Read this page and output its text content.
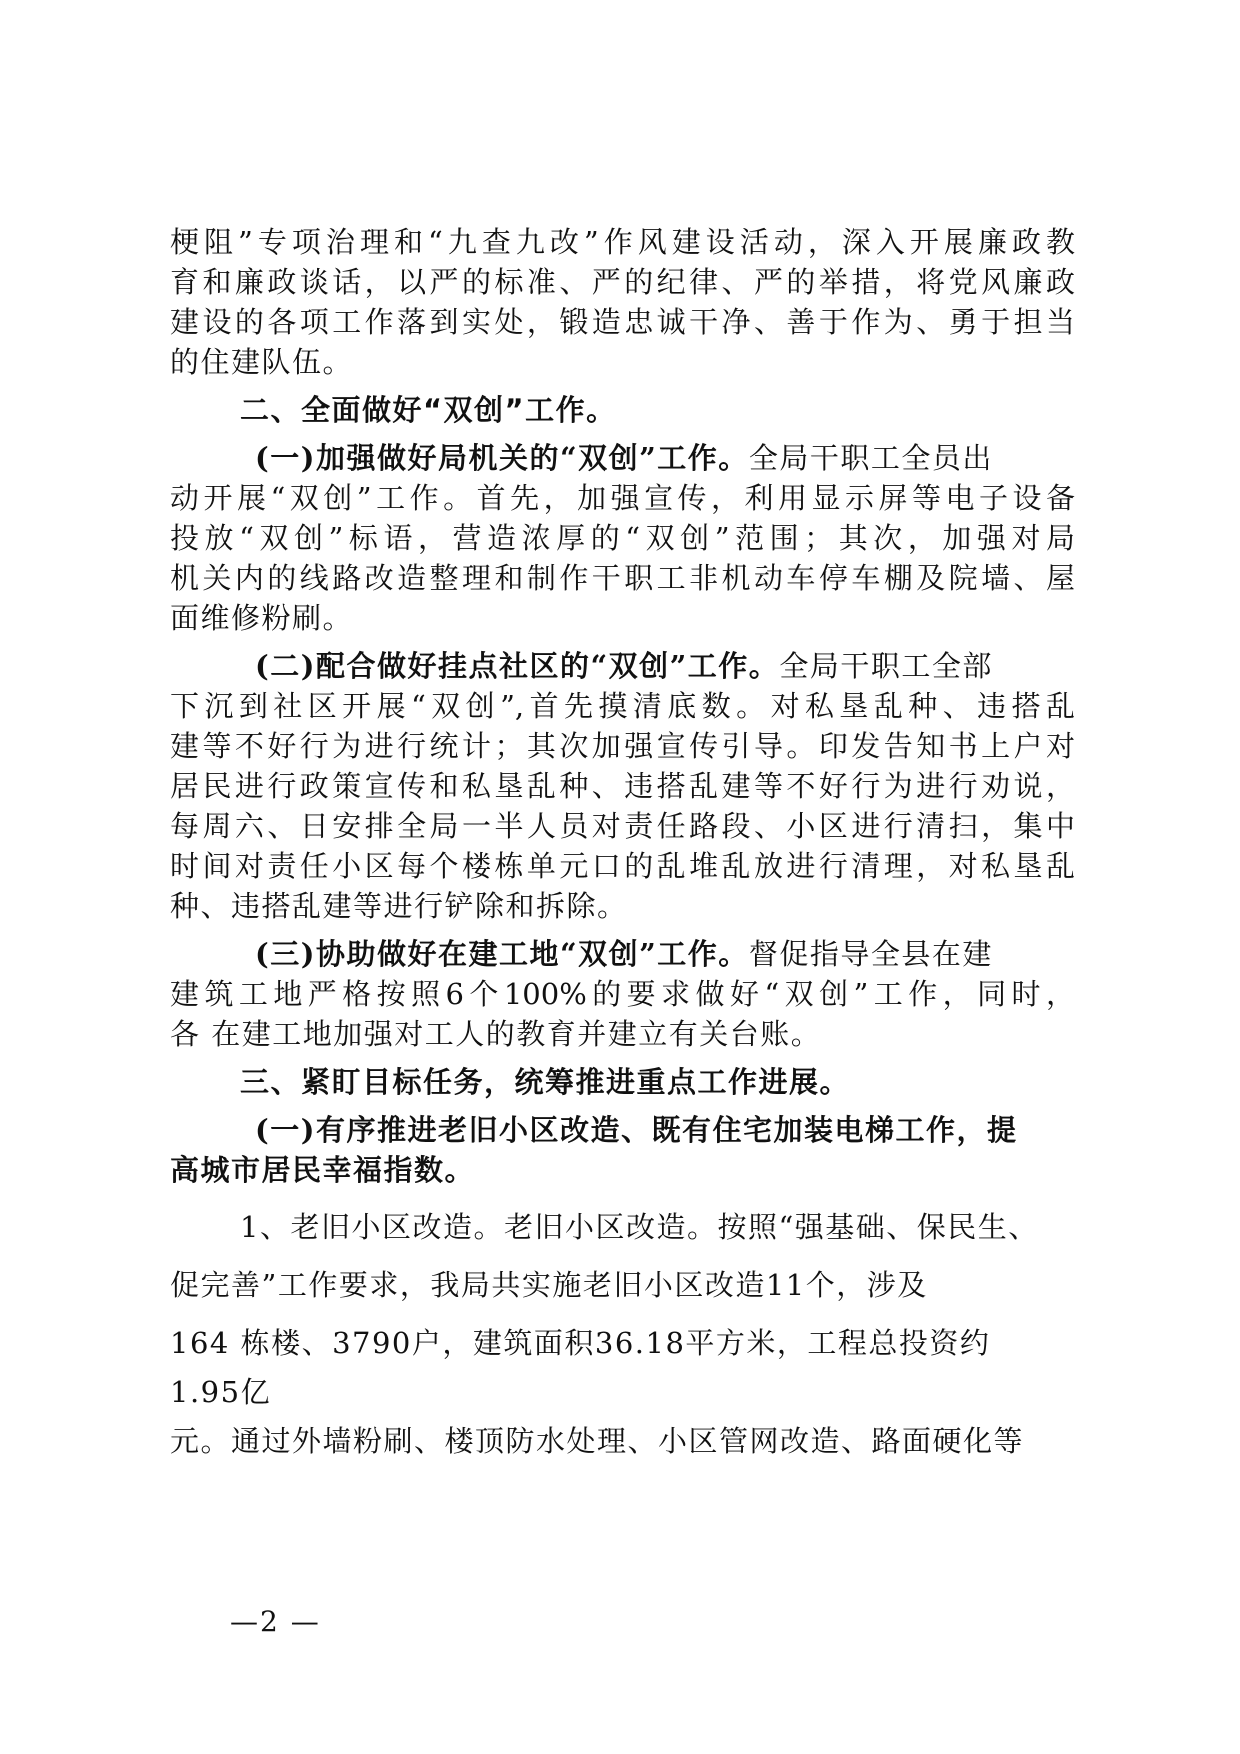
梗阻”专项治理和“九查九改”作风建设活动，深入开展廉政教
育和廉政谈话，以严的标准、严的纪律、严的举措，将党风廉政
建设的各项工作落到实处，锻造忠诚干净、善于作为、勇于担当
的住建队伍。
二、全面做好“双创”工作。
(一)加强做好局机关的“双创”工作。全局干职工全员出
动开展“双创”工作。首先，加强宣传，利用显示屏等电子设备
投放“双创”标语，营造浓厚的“双创”范围；其次，加强对局
机关内的线路改造整理和制作干职工非机动车停车棚及院墙、屋
面维修粉刷。
(二)配合做好挂点社区的“双创”工作。全局干职工全部
下沉到社区开展“双创”,首先摸清底数。对私垦乱种、违搭乱
建等不好行为进行统计；其次加强宣传引导。印发告知书上户对
居民进行政策宣传和私垦乱种、违搭乱建等不好行为进行劝说，
每周六、日安排全局一半人员对责任路段、小区进行清扫，集中
时间对责任小区每个楼栋单元口的乱堆乱放进行清理，对私垦乱
种、违搭乱建等进行铲除和拆除。
(三)协助做好在建工地“双创”工作。督促指导全县在建
建筑工地严格按照6个100%的要求做好“双创”工作，同时，
各 在建工地加强对工人的教育并建立有关台账。
三、紧盯目标任务，统筹推进重点工作进展。
(一)有序推进老旧小区改造、既有住宅加装电梯工作，提
高城市居民幸福指数。
1、老旧小区改造。老旧小区改造。按照“强基础、保民生、
促完善”工作要求，我局共实施老旧小区改造11个，涉及
164 栋楼、3790户，建筑面积36.18平方米，工程总投资约
1.95亿
元。通过外墙粉刷、楼顶防水处理、小区管网改造、路面硬化等
—2 —
